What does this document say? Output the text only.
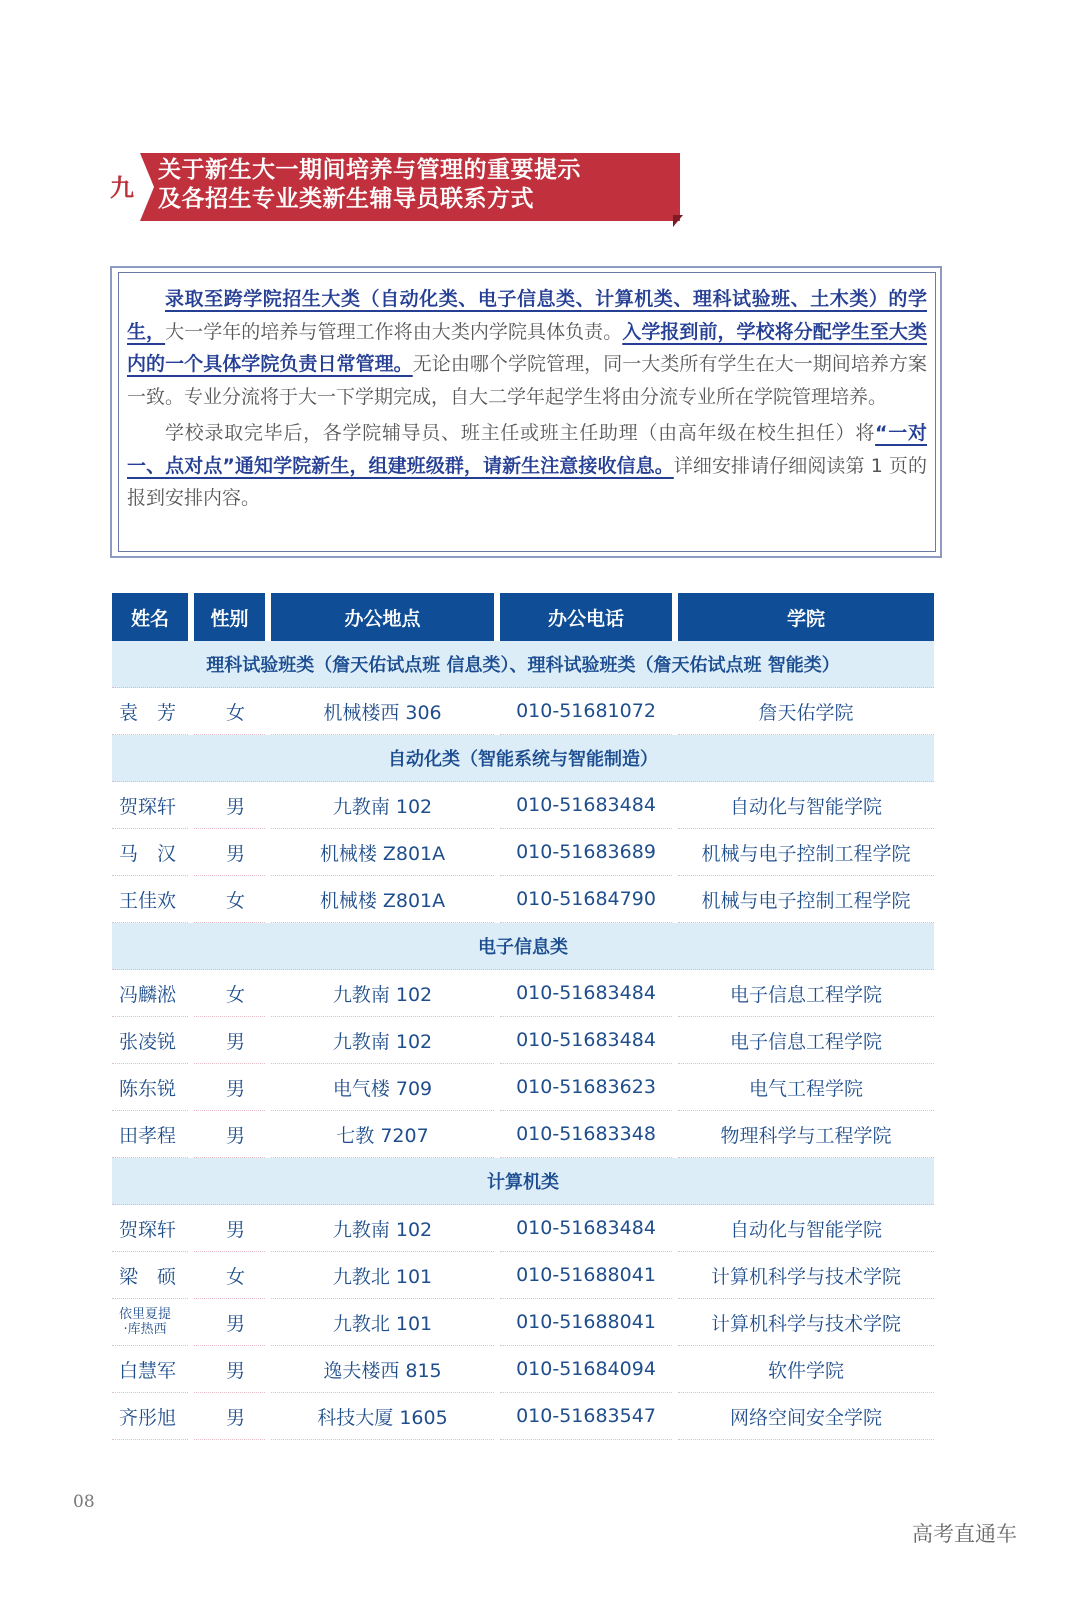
九
关于新生大一期间培养与管理的重要提示
及各招生专业类新生辅导员联系方式

录取至跨学院招生大类（自动化类、电子信息类、计算机类、理科试验班、土木类）的学生，大一学年的培养与管理工作将由大类内学院具体负责。入学报到前，学校将分配学生至大类内的一个具体学院负责日常管理。无论由哪个学院管理，同一大类所有学生在大一期间培养方案一致。专业分流将于大一下学期完成，自大二学年起学生将由分流专业所在学院管理培养。

学校录取完毕后，各学院辅导员、班主任或班主任助理（由高年级在校生担任）将“一对一、点对点”通知学院新生，组建班级群，请新生注意接收信息。详细安排请仔细阅读第 1 页的报到安排内容。

姓名	性别	办公地点	办公电话	学院
理科试验班类（詹天佑试点班 信息类）、理科试验班类（詹天佑试点班 智能类）
袁　芳	女	机械楼西 306	010-51681072	詹天佑学院
自动化类（智能系统与智能制造）
贺琛轩	男	九教南 102	010-51683484	自动化与智能学院
马　汉	男	机械楼 Z801A	010-51683689	机械与电子控制工程学院
王佳欢	女	机械楼 Z801A	010-51684790	机械与电子控制工程学院
电子信息类
冯麟淞	女	九教南 102	010-51683484	电子信息工程学院
张凌锐	男	九教南 102	010-51683484	电子信息工程学院
陈东锐	男	电气楼 709	010-51683623	电气工程学院
田孝程	男	七教 7207	010-51683348	物理科学与工程学院
计算机类
贺琛轩	男	九教南 102	010-51683484	自动化与智能学院
梁　硕	女	九教北 101	010-51688041	计算机科学与技术学院
依里夏提
·库热西	男	九教北 101	010-51688041	计算机科学与技术学院
白慧军	男	逸夫楼西 815	010-51684094	软件学院
齐彤旭	男	科技大厦 1605	010-51683547	网络空间安全学院
08
高考直通车
